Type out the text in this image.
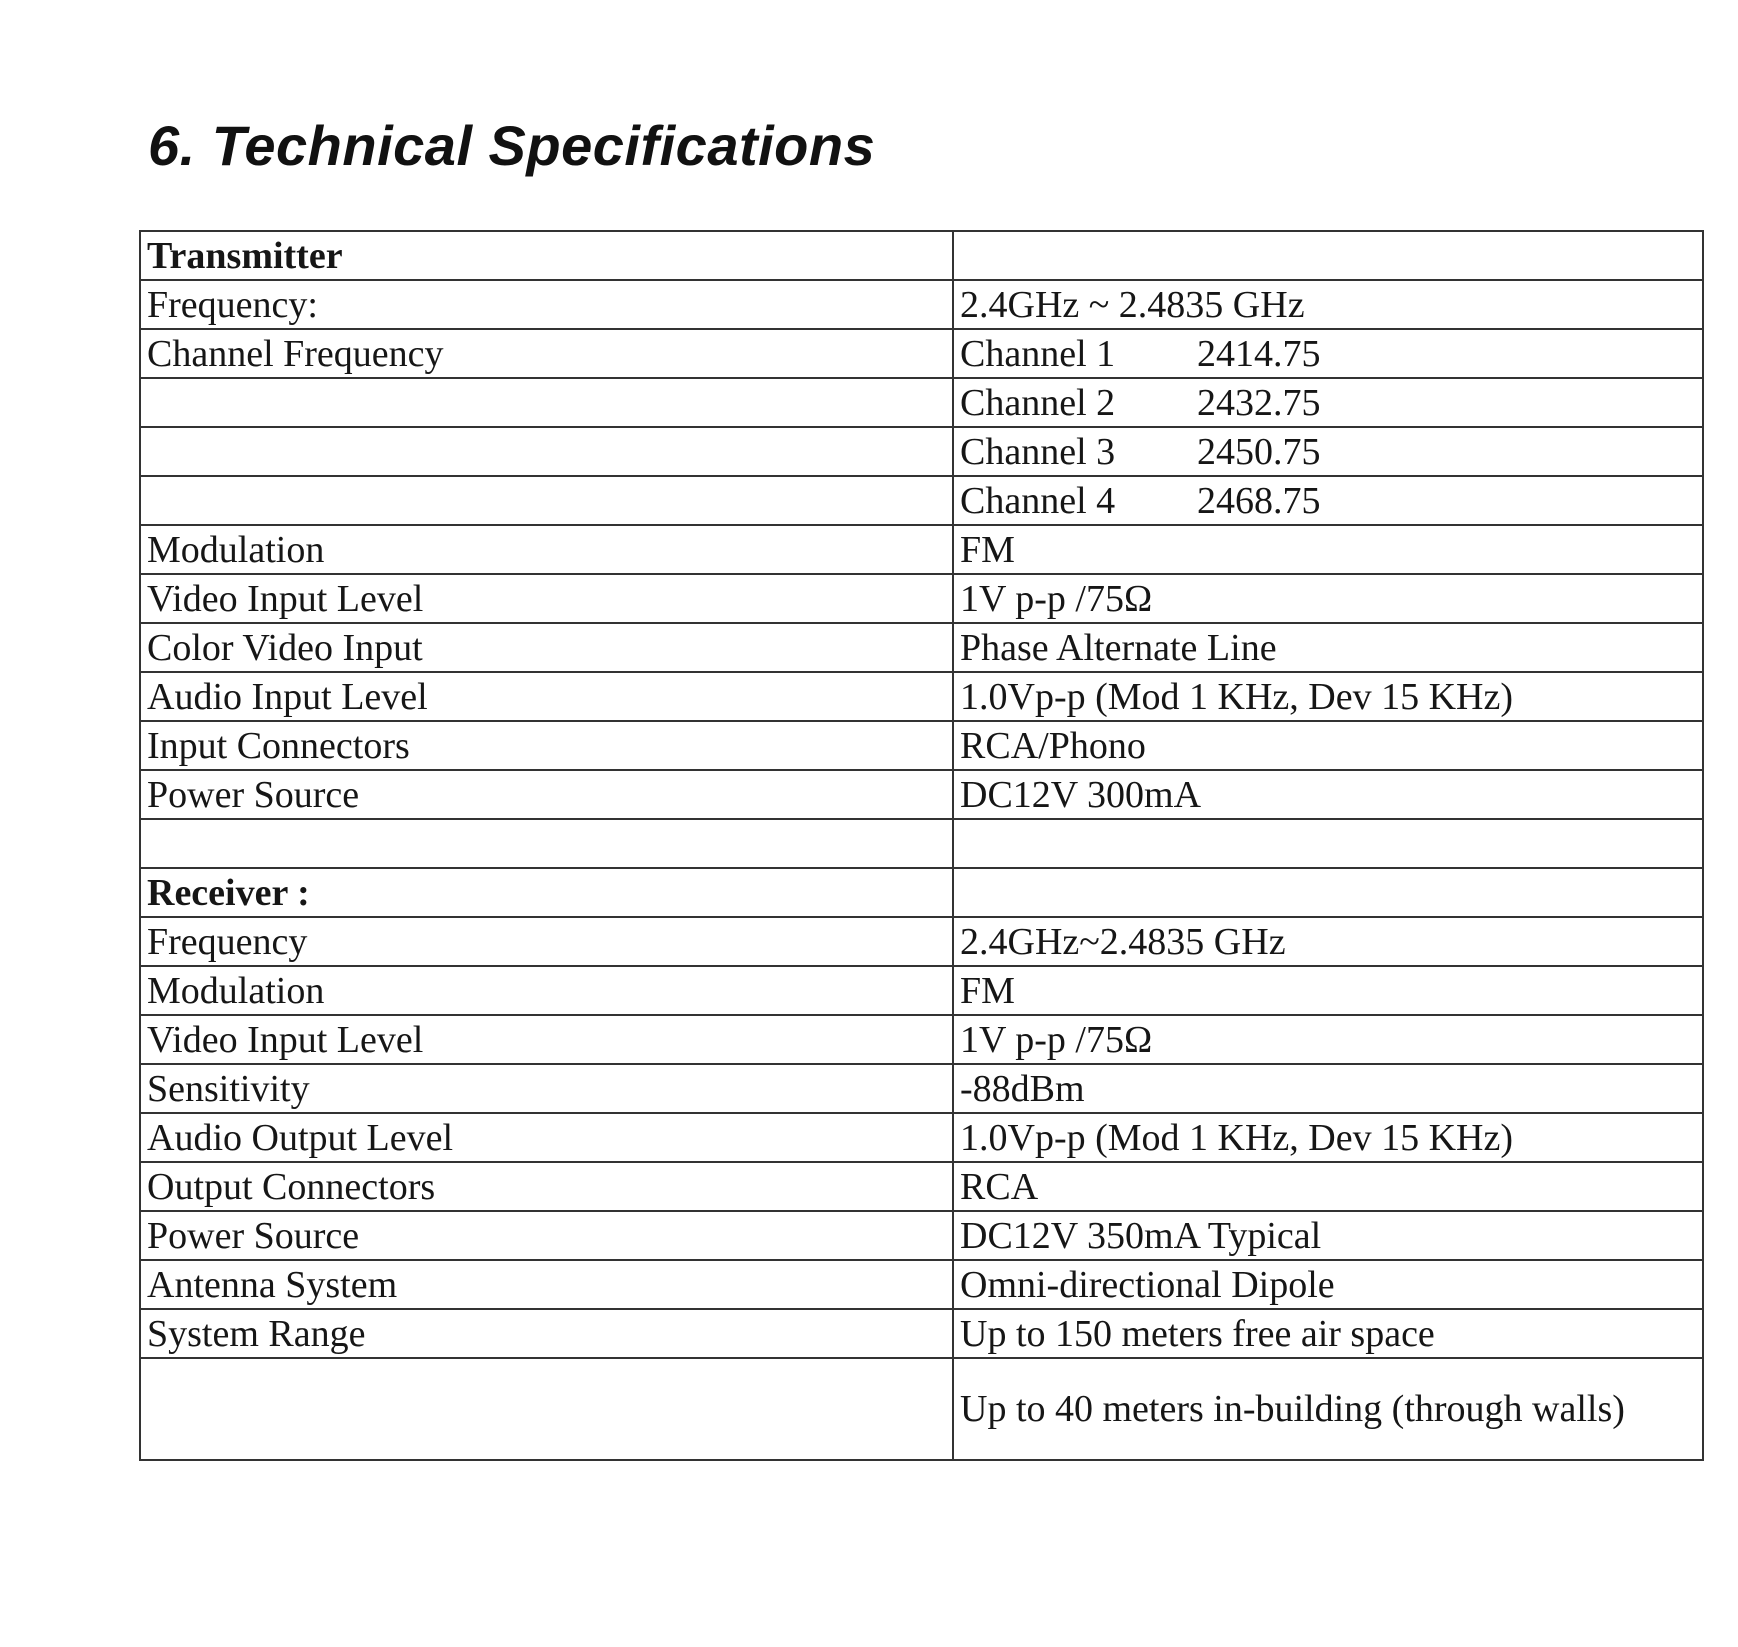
6. Technical Specifications
Transmitter	
Frequency:	2.4GHz ~ 2.4835 GHz
Channel Frequency	Channel 1 2414.75
	Channel 2 2432.75
	Channel 3 2450.75
	Channel 4 2468.75
Modulation	FM
Video Input Level	1V p-p /75Ω
Color Video Input	Phase Alternate Line
Audio Input Level	1.0Vp-p (Mod 1 KHz, Dev 15 KHz)
Input Connectors	RCA/Phono
Power Source	DC12V 300mA

Receiver :	
Frequency	2.4GHz~2.4835 GHz
Modulation	FM
Video Input Level	1V p-p /75Ω
Sensitivity	-88dBm
Audio Output Level	1.0Vp-p (Mod 1 KHz, Dev 15 KHz)
Output Connectors	RCA
Power Source	DC12V 350mA Typical
Antenna System	Omni-directional Dipole
System Range	Up to 150 meters free air space
	Up to 40 meters in-building (through walls)
